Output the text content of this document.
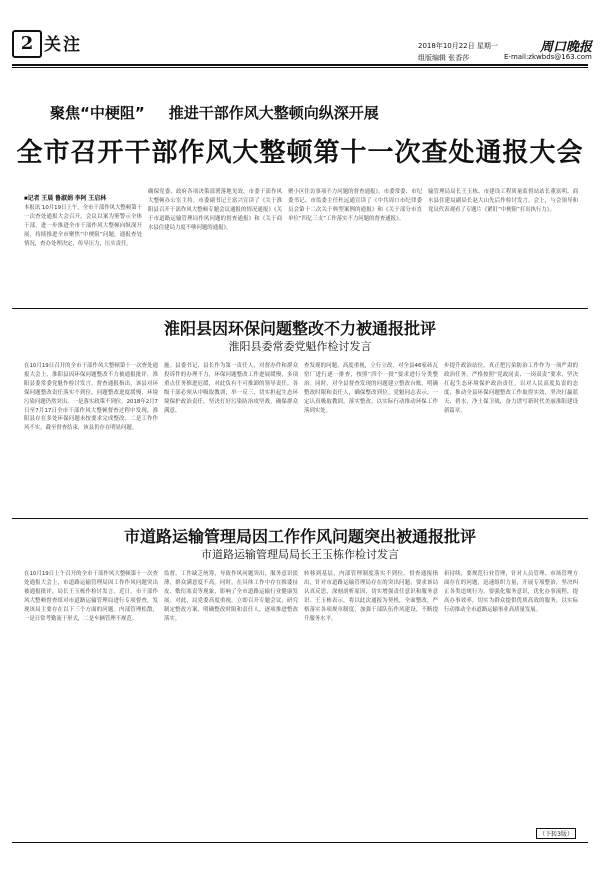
2 关注	2018年10月22日 星期一	周口晚报
组版编辑 张香莎	E-mail:zkwbds@163.com
聚焦“中梗阻” 推进干部作风大整顿向纵深开展
全市召开干部作风大整顿第十一次查处通报大会
■记者 王晨 鲁淑娟 李阿 王启林
本报讯 10月19日上午，全市干部作风大整顿第十一次查处通报大会召开。会议以案为鉴警示全体干部，进一步推进全市干部作风大整顿向纵深开展，持续推进全市聚焦“中梗阻”问题，通报查处情况，查办处理决定，传导压力，压实责任。
确保党委、政府各项决策部署落地见效，市委干部作风大整顿办公室主持。市委副书记王富兴宣读了《关于淮阳县召开干部作风大整顿专题会议通报的情况通报》《关于市道路运输管理局作风问题的督查通报》和《关于商水县住建局力度不够问题的通报》。
聚小区住访事项不力问题的督查通报》。市委常委、市纪委书记、市监委主任杜远通宣读了《中共周口市纪律委员会第十二次关于典型案例的通报》和《关于部分市直单位“四亿三支”工作落实不力问题的督查通报》。
输管理局局长王玉栋、市建设工程质量监督站站长董富明、商水县住建局副局长赵大山先后作检讨发言。会上，与会领导和党员代表观看了专题片《紧盯“中梗阻”打出执行力》。
淮阳县因环保问题整改不力被通报批评
淮阳县委常委党魁作检讨发言
在10月19日召开的全市干部作风大整顿第十一次查处通报大会上，淮阳县因环保问题整改不力被通报批评，淮阳县委常委党魁作检讨发言。督查通报指出，该县对环保问题整改责任落实不到位，问题整改进度缓慢，环境污染问题仍然突出。一是落实政策不到位。2018年2月7日至7月17日全市干部作风大整顿督查过程中发现，淮阳县存在多处环保问题未按要求完成整改。二是工作作风不实，截至督查结束，该县仍存在明显问题。
施。县委书记、县长作为第一责任人，对督办件和群众投诉件的办理不力，环保问题整改工作进展缓慢，多项重点任务推进迟缓，对此负有不可推卸的领导责任。各级干部必须从中吸取教训，举一反三，切实担起生态环境保护政治责任，坚决打好污染防治攻坚战，确保群众满意。
查发现的问题，高度重视，立行立改，对全县46家砖瓦窑厂进行逐一排查，按照“四个一批”要求进行分类整治。同时，对全县督查发现的问题建立整改台账，明确整改时限和责任人，确保整改到位。党魁同志表示，一定认真吸取教训，落实整改，以实际行动推动环保工作落到实处。
步提升政治站位，真正把污染防治工作作为一项严肃的政治任务，严格按照“党政同责、一岗双责”要求，坚决扛起生态环境保护政治责任，以对人民高度负责的态度，推动全县环保问题整改工作取得实效，坚决打赢蓝天、碧水、净土保卫战，奋力谱写新时代美丽淮阳建设新篇章。
市道路运输管理局因工作作风问题突出被通报批评
市道路运输管理局局长王玉栋作检讨发言
在10月19日上午召开的全市干部作风大整顿第十一次查处通报大会上，市道路运输管理局因工作作风问题突出被通报批评，局长王玉栋作检讨发言。近日，市干部作风大整顿督查组对市道路运输管理局进行专项督查，发现该局主要存在以下三个方面的问题。内部管理松散，一是日常考勤流于形式，二是车辆管理不规范。
监督，工作缺乏统筹，导致作风问题突出，服务意识淡薄，群众满意度不高。同时，在具体工作中存在推诿扯皮、敷衍塞责等现象，影响了全市道路运输行业健康发展。对此，局党委高度重视，立即召开专题会议，研究制定整改方案，明确整改时限和责任人，逐项推进整改落实。
转移到基层，内部管理制度落实不到位。督查通报指出，针对市道路运输管理局存在的突出问题，要求该局认真反思，深刻剖析原因，切实增强责任意识和服务意识。王玉栋表示，将以此次通报为契机，全面整改，严格落实各项规章制度，加强干部队伍作风建设，不断提升服务水平。
祈持续，要规范行业管理，针对人员管理、市场管理方面存在的问题，迅速组织力量，开展专项整治，坚决纠正各类违规行为。要强化服务意识，优化办事流程，提高办事效率，切实为群众提供优质高效的服务，以实际行动推动全市道路运输事业高质量发展。
（下转3版）
